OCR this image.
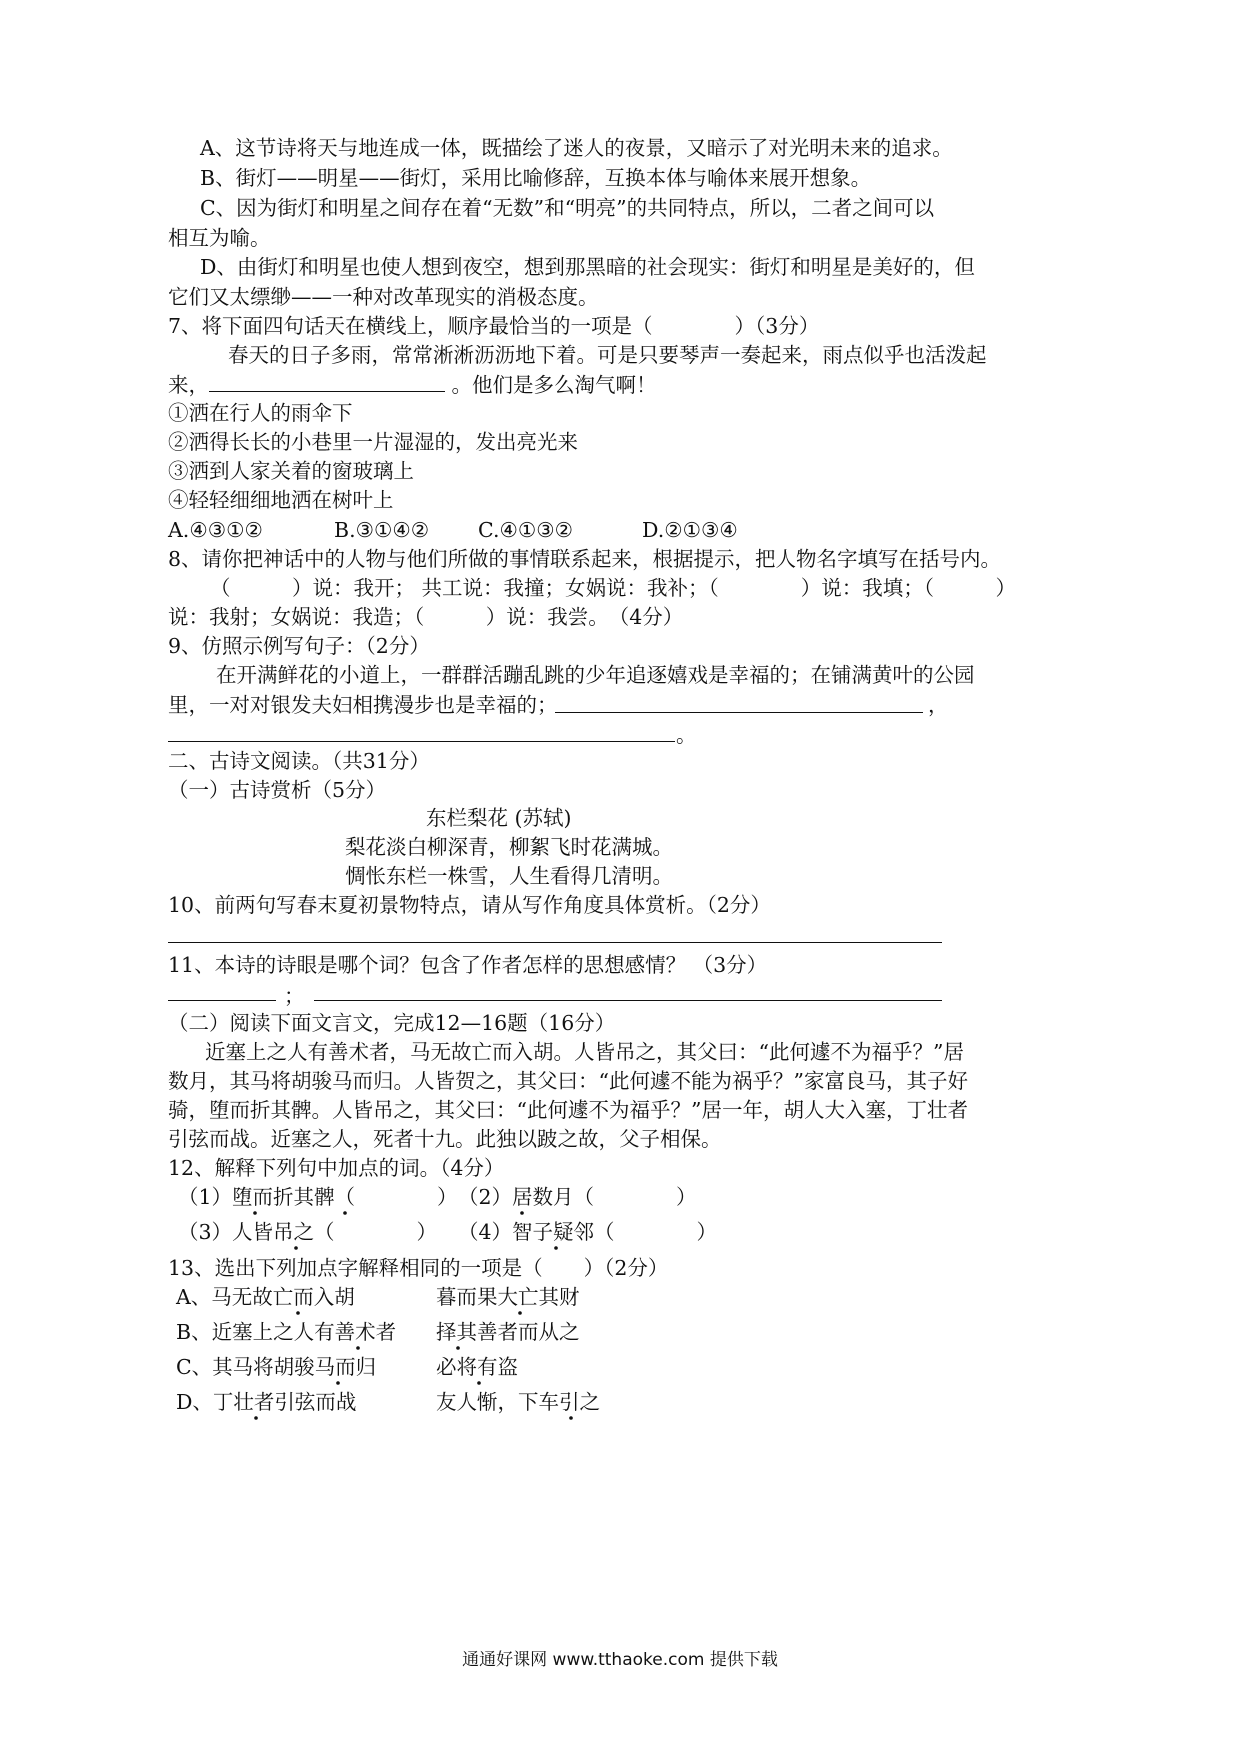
A、这节诗将天与地连成一体，既描绘了迷人的夜景，又暗示了对光明未来的追求。
B、街灯——明星——街灯，采用比喻修辞，互换本体与喻体来展开想象。
C、因为街灯和明星之间存在着“无数”和“明亮”的共同特点，所以，二者之间可以
相互为喻。
D、由街灯和明星也使人想到夜空，想到那黑暗的社会现实：街灯和明星是美好的，但
它们又太缥缈——一种对改革现实的消极态度。
7、将下面四句话天在横线上，顺序最恰当的一项是（　　　　）（3分）
春天的日子多雨，常常淅淅沥沥地下着。可是只要琴声一奏起来，雨点似乎也活泼起
来，	。他们是多么淘气啊！
①洒在行人的雨伞下
②洒得长长的小巷里一片湿湿的，发出亮光来
③洒到人家关着的窗玻璃上
④轻轻细细地洒在树叶上
A.④③①②	B.③①④② C.④①③②	D.②①③④
8、请你把神话中的人物与他们所做的事情联系起来，根据提示，把人物名字填写在括号内。
（　　　）说：我开； 共工说：我撞；女娲说：我补；（　　　　）说：我填；（　　　）
说：我射；女娲说：我造；（　　　）说：我尝。　（4分）
9、仿照示例写句子：（2分）
在开满鲜花的小道上，一群群活蹦乱跳的少年追逐嬉戏是幸福的；在铺满黄叶的公园
里，一对对银发夫妇相携漫步也是幸福的；	，
。
二、古诗文阅读。（共31分）
（一）古诗赏析（5分）
东栏梨花 (苏轼)
梨花淡白柳深青，柳絮飞时花满城。
惆怅东栏一株雪，人生看得几清明。
10、前两句写春末夏初景物特点，请从写作角度具体赏析。（2分）
11、本诗的诗眼是哪个词？包含了作者怎样的思想感情？ （3分）
；
（二）阅读下面文言文，完成12—16题（16分）
近塞上之人有善术者，马无故亡而入胡。人皆吊之，其父曰：“此何遽不为福乎？”居
数月，其马将胡骏马而归。人皆贺之，其父曰：“此何遽不能为祸乎？”家富良马，其子好
骑，堕而折其髀。人皆吊之，其父曰：“此何遽不为福乎？”居一年，胡人大入塞，丁壮者
引弦而战。近塞之人，死者十九。此独以跛之故，父子相保。
12、解释下列句中加点的词。（4分）
（1）堕而折其髀（　　　　） （2）居数月（　　　　）
（3）人皆吊之（　　　　） （4）智子疑邻（　　　　）
13、选出下列加点字解释相同的一项是（　　）（2分）
A、马无故亡而入胡	暮而果大亡其财
B、近塞上之人有善术者 择其善者而从之
C、其马将胡骏马而归	必将有盗
D、丁壮者引弦而战	友人惭，下车引之
通通好课网 www.tthaoke.com 提供下载
